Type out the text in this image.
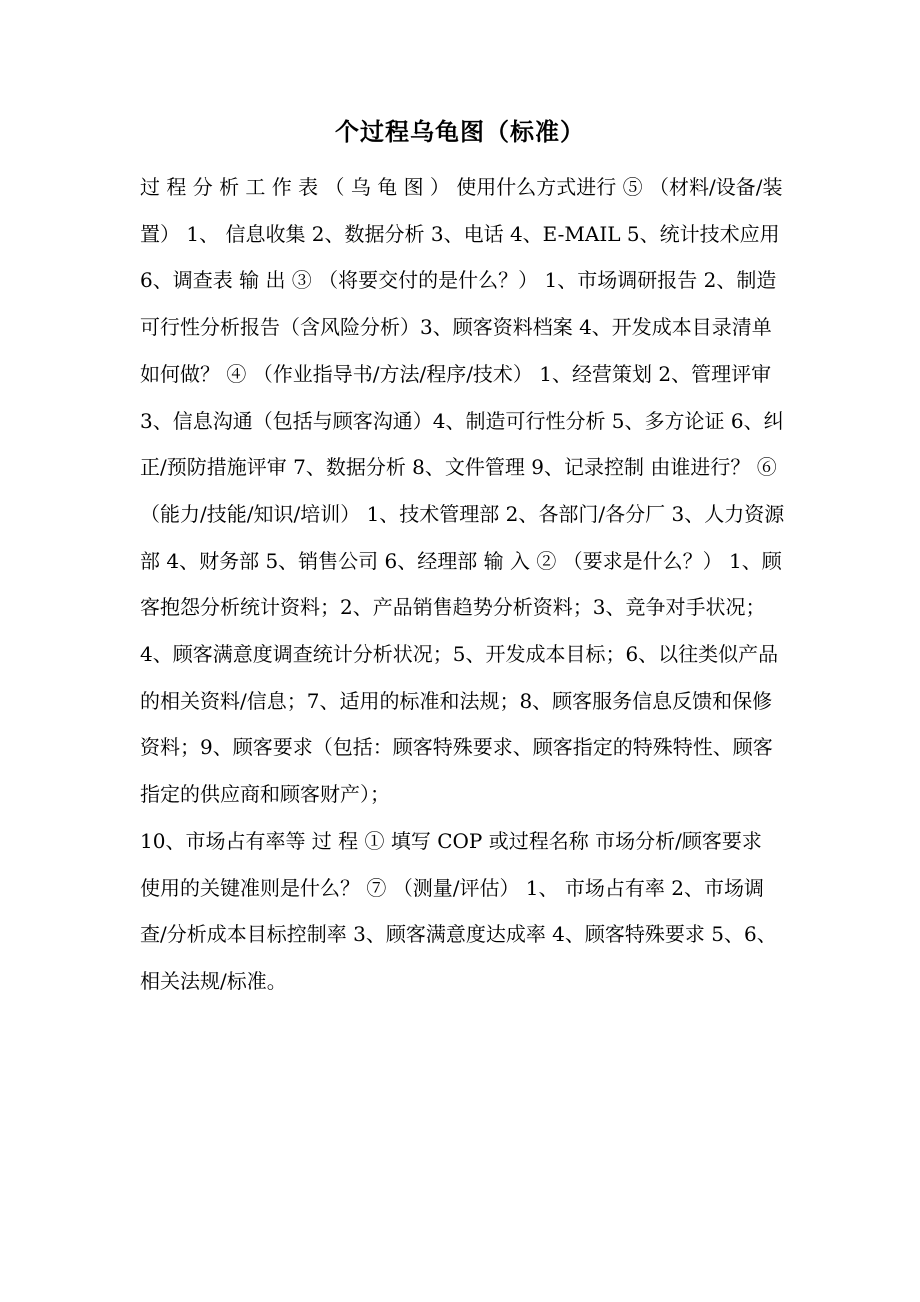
个过程乌龟图（标准）
过 程 分 析 工 作 表 （ 乌 龟 图 ） 使用什么方式进行 ⑤ （材料/设备/装置） 1、 信息收集 2、数据分析 3、电话 4、E-MAIL 5、统计技术应用 6、调查表 输 出 ③ （将要交付的是什么？） 1、市场调研报告 2、制造可行性分析报告（含风险分析）3、顾客资料档案 4、开发成本目录清单 如何做？ ④ （作业指导书/方法/程序/技术） 1、经营策划 2、管理评审 3、信息沟通（包括与顾客沟通）4、制造可行性分析 5、多方论证 6、纠正/预防措施评审 7、数据分析 8、文件管理 9、记录控制 由谁进行？ ⑥ （能力/技能/知识/培训） 1、技术管理部 2、各部门/各分厂 3、人力资源部 4、财务部 5、销售公司 6、经理部 输 入 ② （要求是什么？） 1、顾客抱怨分析统计资料；2、产品销售趋势分析资料；3、竞争对手状况；4、顾客满意度调查统计分析状况；5、开发成本目标；6、以往类似产品的相关资料/信息；7、适用的标准和法规；8、顾客服务信息反馈和保修资料；9、顾客要求（包括：顾客特殊要求、顾客指定的特殊特性、顾客指定的供应商和顾客财产）；
10、市场占有率等 过 程 ① 填写 COP 或过程名称 市场分析/顾客要求 使用的关键准则是什么？ ⑦ （测量/评估） 1、 市场占有率 2、市场调查/分析成本目标控制率 3、顾客满意度达成率 4、顾客特殊要求 5、6、相关法规/标准。
